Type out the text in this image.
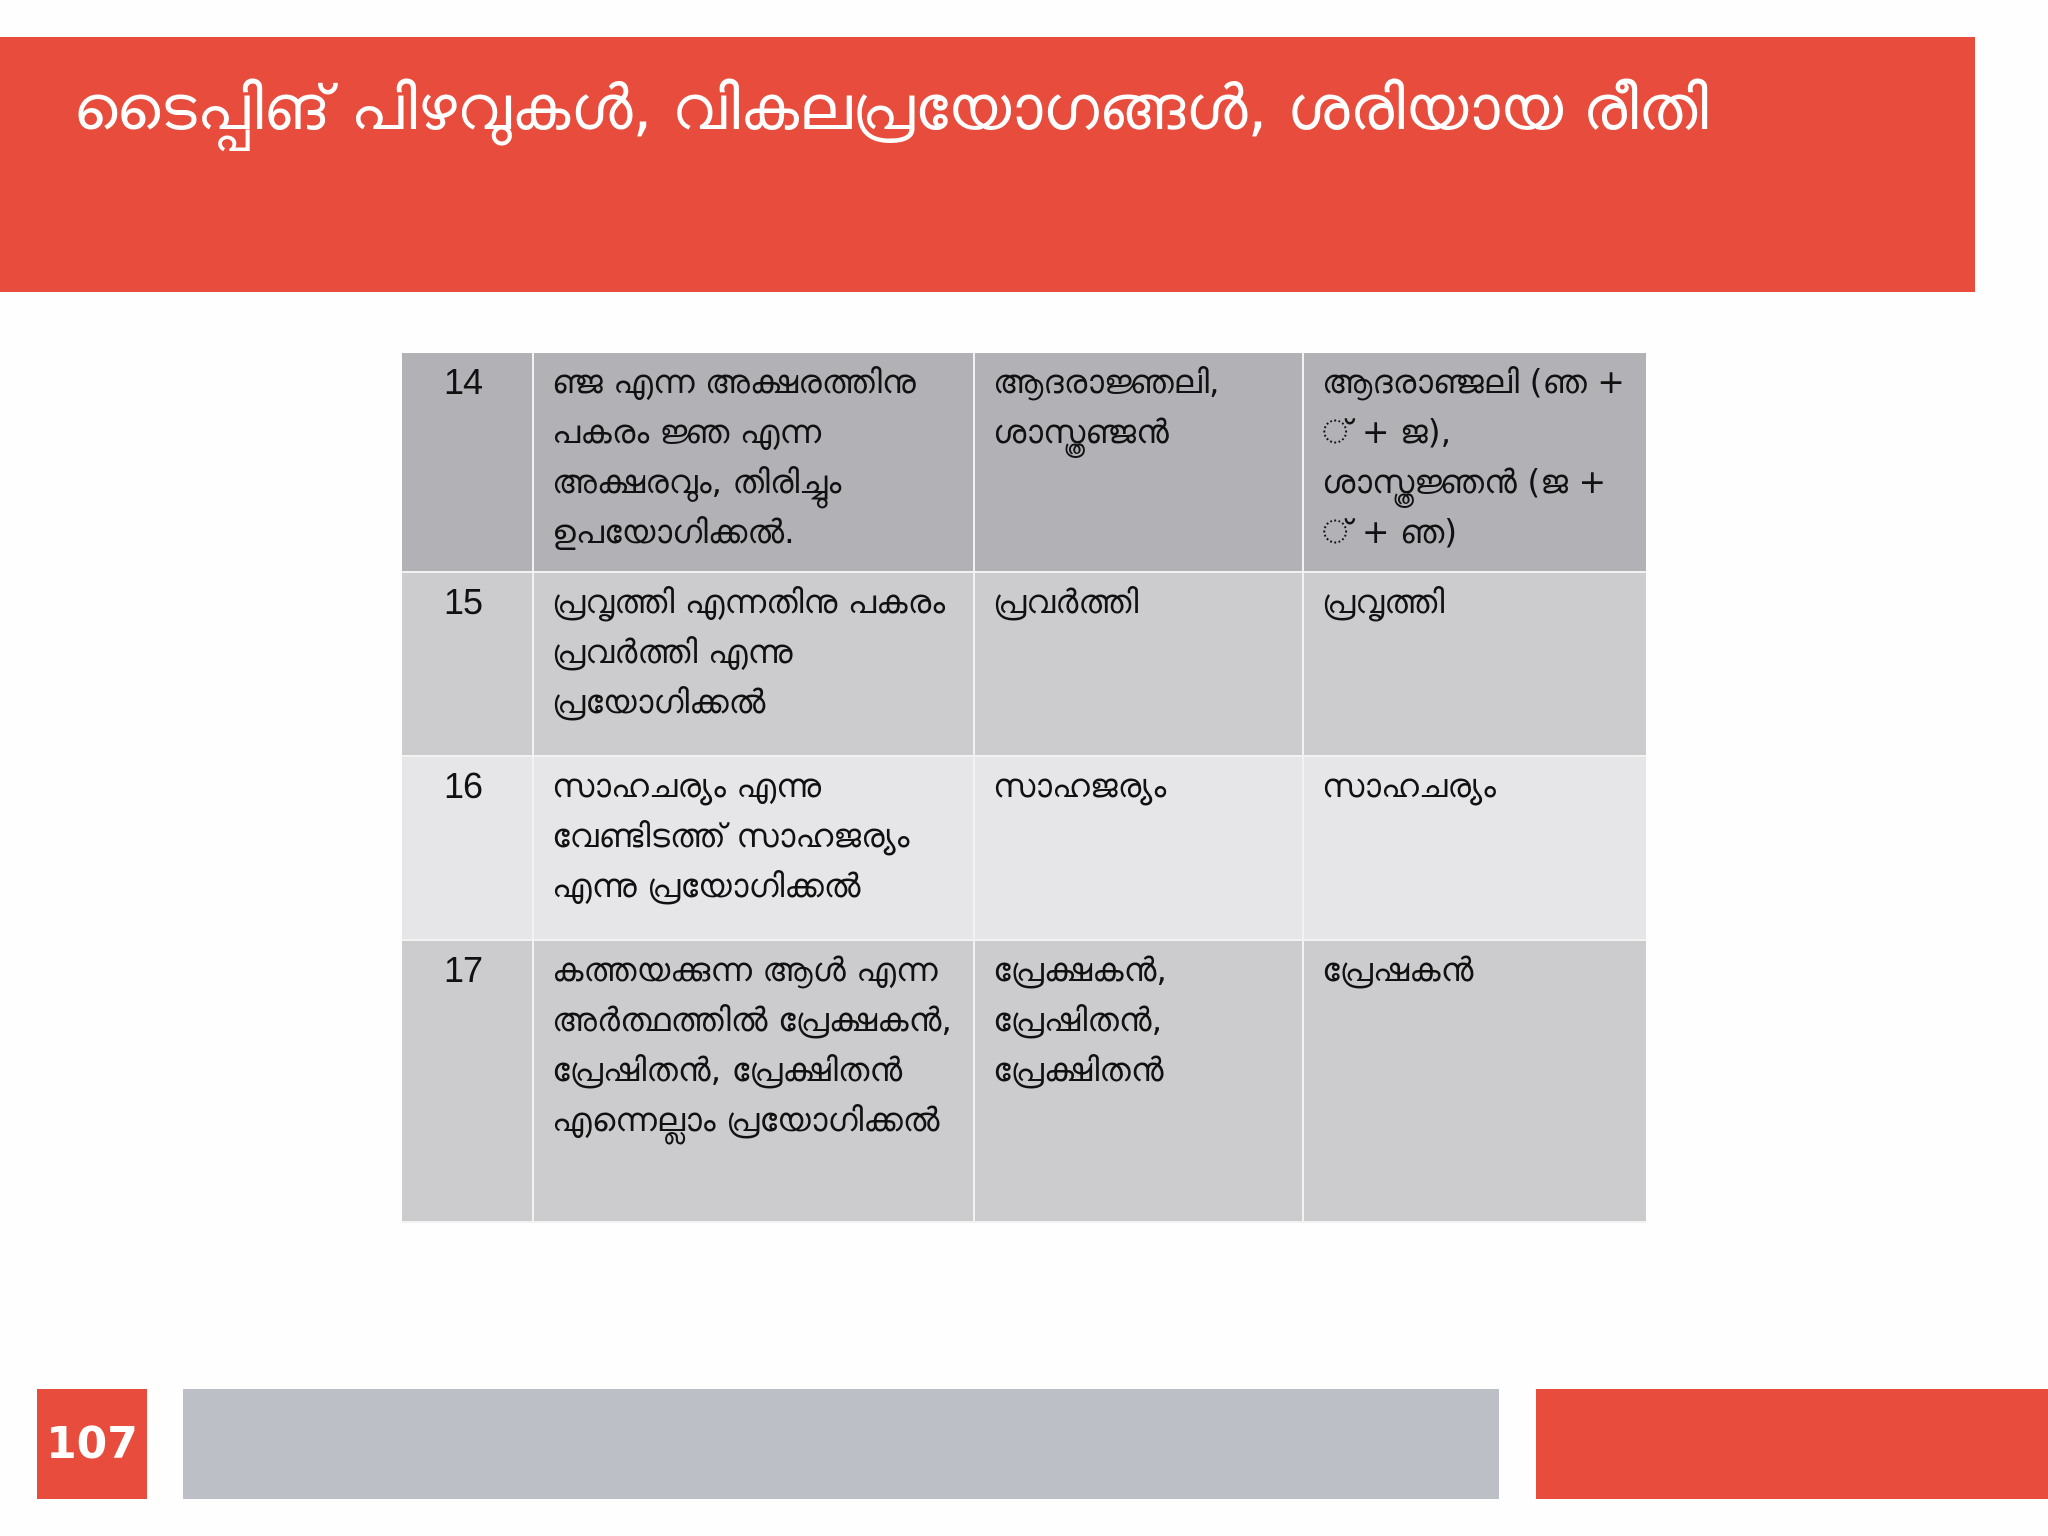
ടൈപ്പിങ് പിഴവുകൾ, വികലപ്രയോഗങ്ങൾ, ശരിയായ രീതി
14	ഞ്ജ എന്ന അക്ഷരത്തിനു പകരം ജ്ഞ എന്ന അക്ഷരവും, തിരിച്ചും ഉപയോഗിക്കൽ.	ആദരാജ്ഞലി, ശാസ്ത്രഞ്ജൻ	ആദരാഞ്ജലി (ഞ + ് + ജ), ശാസ്ത്രജ്ഞൻ (ജ + ് + ഞ)
15	പ്രവൃത്തി എന്നതിനു പകരം പ്രവർത്തി എന്നു പ്രയോഗിക്കൽ	പ്രവർത്തി	പ്രവൃത്തി
16	സാഹചര്യം എന്നു വേണ്ടിടത്ത് സാഹജര്യം എന്നു പ്രയോഗിക്കൽ	സാഹജര്യം	സാഹചര്യം
17	കത്തയക്കുന്ന ആൾ എന്ന അർത്ഥത്തിൽ പ്രേക്ഷകൻ, പ്രേഷിതൻ, പ്രേക്ഷിതൻ എന്നെല്ലാം പ്രയോഗിക്കൽ	പ്രേക്ഷകൻ, പ്രേഷിതൻ, പ്രേക്ഷിതൻ	പ്രേഷകൻ
107
